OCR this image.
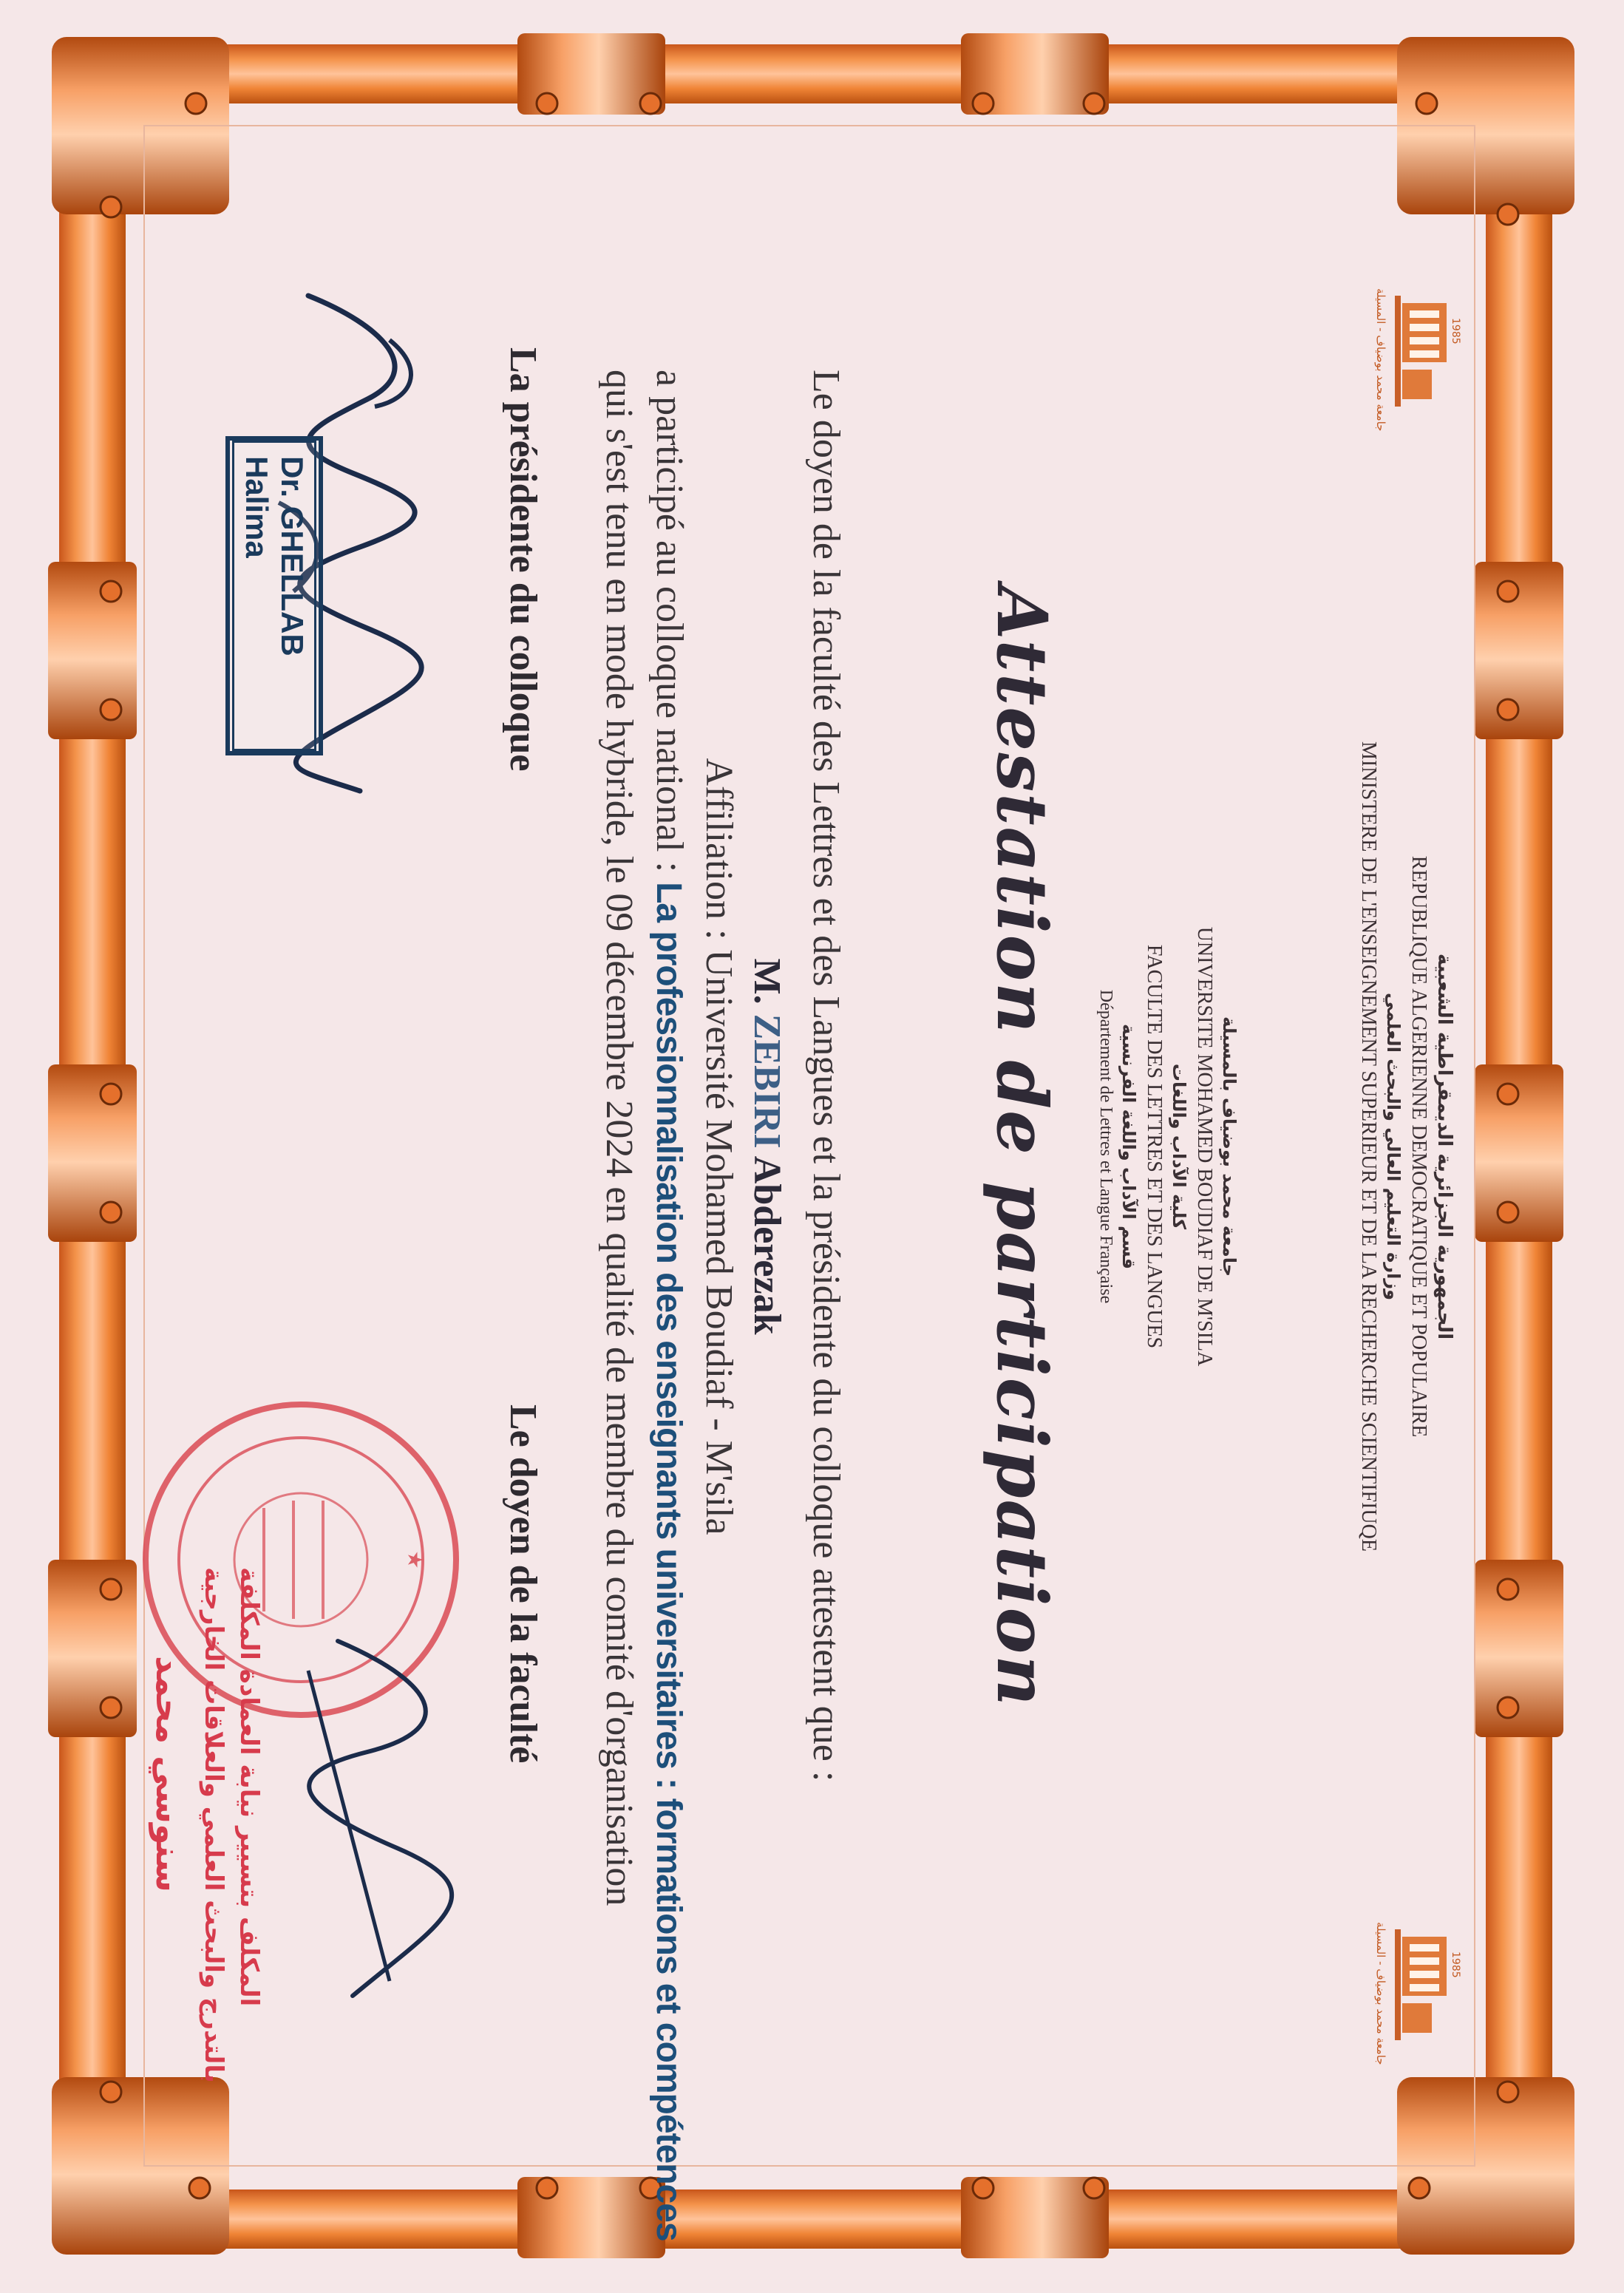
1985
جامعة محمد بوضياف - المسيلة
1985
جامعة محمد بوضياف - المسيلة
الجمهورية الجزائرية الديمقراطية الشعبية
REPUBLIQUE ALGERIENNE DEMOCRATIQUE ET POPULAIRE
وزارة التعليم العالي والبحث العلمي
جامعة محمد بوضياف بالمسيلة
UNIVERSITE MOHAMED BOUDIAF DE M'SILA
كلية الآداب واللغات
FACULTE DES LETTRES ET DES LANGUES
قسم الآداب واللغة الفرنسية
Département de Lettres et Langue Française	MINISTERE DE L'ENSEIGNEMENT SUPERIEUR ET DE LA RECHERCHE SCIENTIFIUQE
Attestation de participation
Le doyen de la faculté des Lettres et des Langues et la présidente du colloque attestent que :
M. ZEBIRI Abderezak
Affiliation : Université Mohamed Boudiaf - M'sila
a participé au colloque national : La professionnalisation des enseignants universitaires : formations et compétences
qui s'est tenu en mode hybride, le 09 décembre 2024 en qualité de membre du comité d'organisation
La présidente du colloque
Le doyen de la faculté
Dr. GHELLAB Halima
★
المكلف بتسيير نيابة العمادة المكلفة
بالتدرج والبحث العلمي والعلاقات الخارجية
سنوسي محمد
